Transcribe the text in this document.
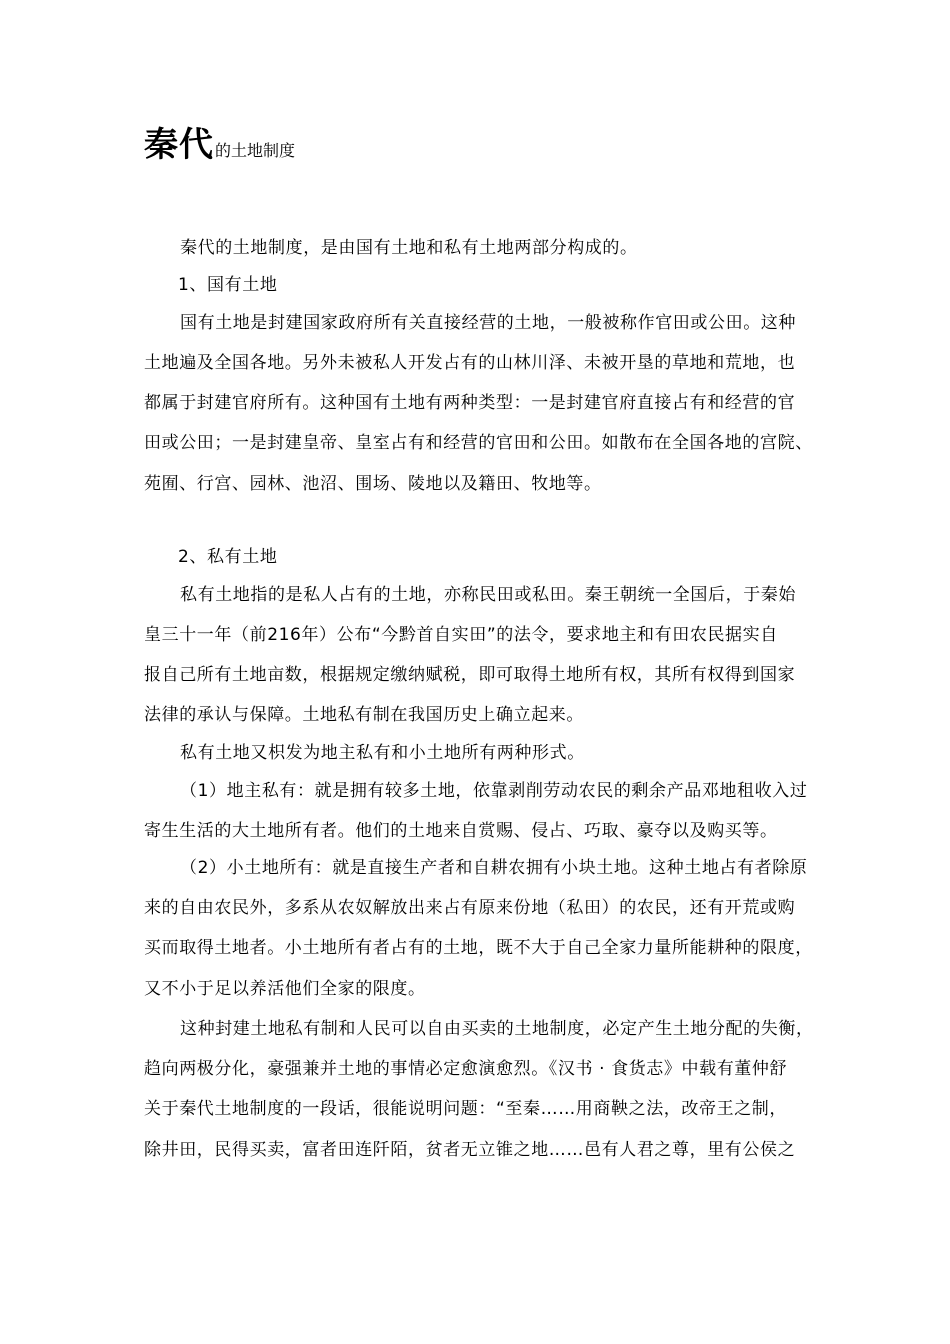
秦代的土地制度
秦代的土地制度，是由国有土地和私有土地两部分构成的。
1、国有土地
国有土地是封建国家政府所有关直接经营的土地，一般被称作官田或公田。这种
土地遍及全国各地。另外未被私人开发占有的山林川泽、未被开垦的草地和荒地，也
都属于封建官府所有。这种国有土地有两种类型：一是封建官府直接占有和经营的官
田或公田；一是封建皇帝、皇室占有和经营的官田和公田。如散布在全国各地的宫院、
苑囿、行宫、园林、池沼、围场、陵地以及籍田、牧地等。
2、私有土地
私有土地指的是私人占有的土地，亦称民田或私田。秦王朝统一全国后，于秦始
皇三十一年（前216年）公布“今黔首自实田”的法令，要求地主和有田农民据实自
报自己所有土地亩数，根据规定缴纳赋税，即可取得土地所有权，其所有权得到国家
法律的承认与保障。土地私有制在我国历史上确立起来。
私有土地又枳发为地主私有和小土地所有两种形式。
（1）地主私有：就是拥有较多土地，依靠剥削劳动农民的剩余产品邓地租收入过
寄生生活的大土地所有者。他们的土地来自赏赐、侵占、巧取、豪夺以及购买等。
（2）小土地所有：就是直接生产者和自耕农拥有小块土地。这种土地占有者除原
来的自由农民外，多系从农奴解放出来占有原来份地（私田）的农民，还有开荒或购
买而取得土地者。小土地所有者占有的土地，既不大于自己全家力量所能耕种的限度，
又不小于足以养活他们全家的限度。
这种封建土地私有制和人民可以自由买卖的土地制度，必定产生土地分配的失衡，
趋向两极分化，豪强兼并土地的事情必定愈演愈烈。《汉书 · 食货志》中载有董仲舒
关于秦代土地制度的一段话，很能说明问题：“至秦……用商鞅之法，改帝王之制，
除井田，民得买卖，富者田连阡陌，贫者无立锥之地……邑有人君之尊，里有公侯之
